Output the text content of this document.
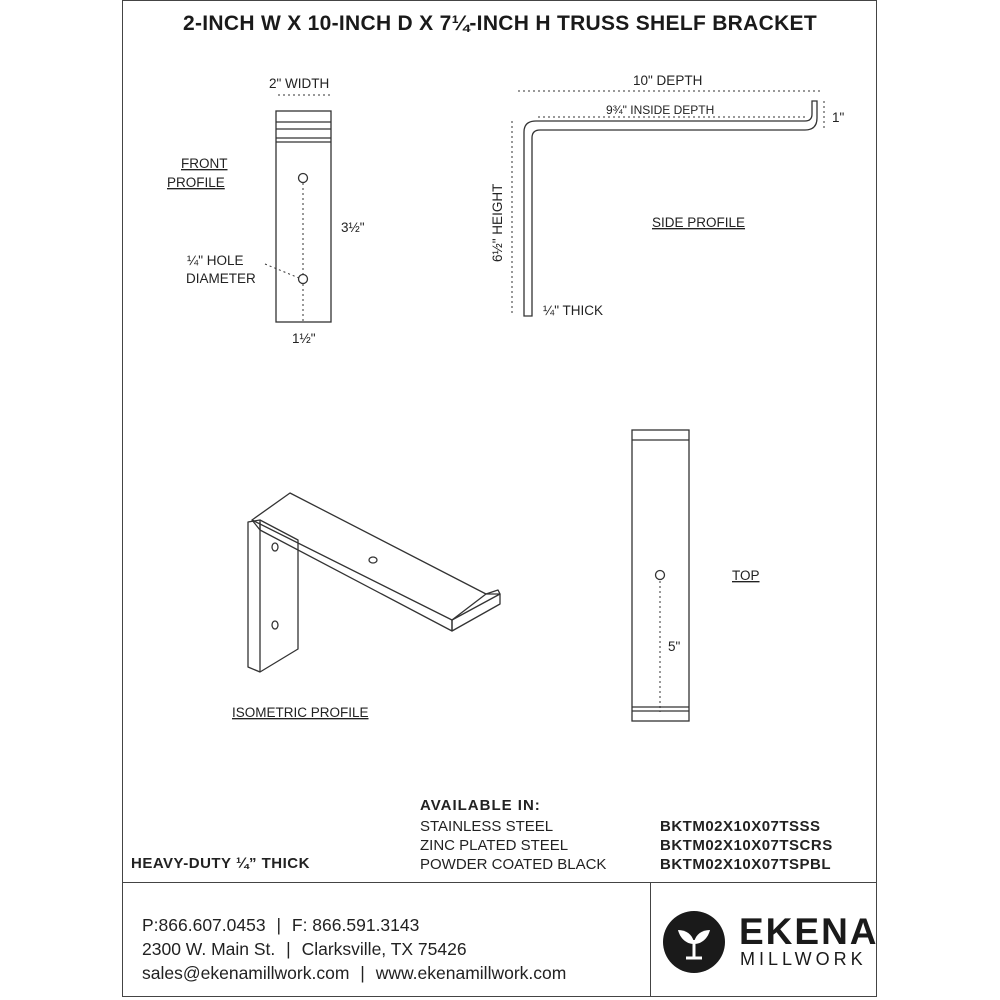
2-INCH W X 10-INCH D X 7¼-INCH H TRUSS SHELF BRACKET
2" WIDTH
FRONT
PROFILE
3½"
¼" HOLE
DIAMETER
1½"
10" DEPTH
9¾" INSIDE DEPTH	1"
6½" HEIGHT	SIDE PROFILE
¼" THICK
ISOMETRIC PROFILE
TOP
5"
AVAILABLE IN:
STAINLESS STEEL
ZINC PLATED STEEL
POWDER COATED BLACK
BKTM02X10X07TSSS
BKTM02X10X07TSCRS
BKTM02X10X07TSPBL
HEAVY-DUTY ¼” THICK
P:866.607.0453 | F: 866.591.3143
2300 W. Main St. | Clarksville, TX 75426
sales@ekenamillwork.com | www.ekenamillwork.com
EKENA
MILLWORK
